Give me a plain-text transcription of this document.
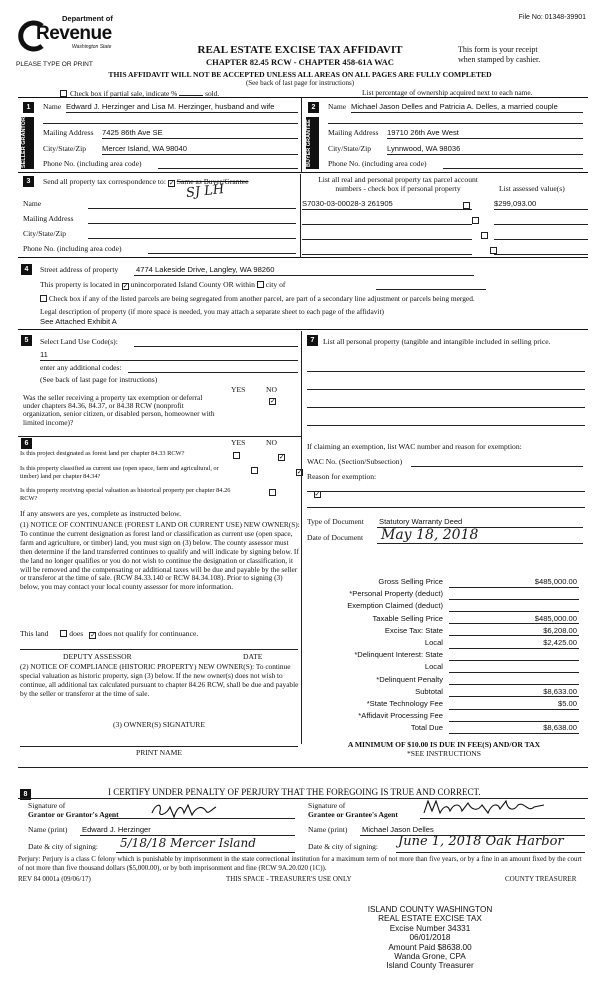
File No: 01348-39901
Department of
Revenue
Washington State
PLEASE TYPE OR PRINT
REAL ESTATE EXCISE TAX AFFIDAVIT
CHAPTER 82.45 RCW - CHAPTER 458-61A WAC
This form is your receipt
when stamped by cashier.
THIS AFFIDAVIT WILL NOT BE ACCEPTED UNLESS ALL AREAS ON ALL PAGES ARE FULLY COMPLETED
(See back of last page for instructions)
Check box if partial sale, indicate %	sold.	List percentage of ownership acquired next to each name.
1
SELLER GRANTOR
Name Edward J. Herzinger and Lisa M. Herzinger, husband and wife
Mailing Address 7425 86th Ave SE
City/State/Zip Mercer Island, WA 98040
Phone No. (including area code)
2
BUYER GRANTEE
Name Michael Jason Delles and Patricia A. Delles, a married couple
Mailing Address 19710 26th Ave West
City/State/Zip Lynnwood, WA 98036
Phone No. (including area code)
3	Send all property tax correspondence to: ✓ Same as Buyer/Grantee
SJ LH
Name
Mailing Address
City/State/Zip
Phone No. (including area code)
List all real and personal property tax parcel account
numbers - check box if personal property	List assessed value(s)
S7030-03-00028-3 261905
	$299,093.00

4	Street address of property 4774 Lakeside Drive, Langley, WA 98260
This property is located in ✓ unincorporated Island County OR within city of
Check box if any of the listed parcels are being segregated from another parcel, are part of a secondary line adjustment or parcels being merged.
Legal description of property (if more space is needed, you may attach a separate sheet to each page of the affidavit)
See Attached Exhibit A
5	Select Land Use Code(s):
11
enter any additional codes:
(See back of last page for instructions)
YES	NO
Was the seller receiving a property tax exemption or deferral under chapters 84.36, 84.37, or 84.38 RCW (nonprofit organization, senior citizen, or disabled person, homeowner with limited income)?
✓
6	YES	NO
Is this project designated as forest land per chapter 84.33 RCW?	✓
Is this property classified as current use (open space, farm and agricultural, or timber) land per chapter 84.34?
✓
Is this property receiving special valuation as historical property per chapter 84.26 RCW?
✓
If any answers are yes, complete as instructed below.
(1) NOTICE OF CONTINUANCE (FOREST LAND OR CURRENT USE) NEW OWNER(S): To continue the current designation as forest land or classification as current use (open space, farm and agriculture, or timber) land, you must sign on (3) below. The county assessor must then determine if the land transferred continues to qualify and will indicate by signing below. If the land no longer qualifies or you do not wish to continue the designation or classification, it will be removed and the compensating or additional taxes will be due and payable by the seller or transferor at the time of sale. (RCW 84.33.140 or RCW 84.34.108). Prior to signing (3) below, you may contact your local county assessor for more information.
This land	does ✓ does not qualify for continuance.
DEPUTY ASSESSOR	DATE
(2) NOTICE OF COMPLIANCE (HISTORIC PROPERTY) NEW OWNER(S): To continue special valuation as historic property, sign (3) below. If the new owner(s) does not wish to continue, all additional tax calculated pursuant to chapter 84.26 RCW, shall be due and payable by the seller or transferor at the time of sale.
(3) OWNER(S) SIGNATURE
PRINT NAME
7	List all personal property (tangible and intangible included in selling price.
If claiming an exemption, list WAC number and reason for exemption:
WAC No. (Section/Subsection)
Reason for exemption:
Type of Document Statutory Warranty Deed
Date of Document May 18, 2018
Gross Selling Price	$485,000.00
*Personal Property (deduct)
Exemption Claimed (deduct)
Taxable Selling Price	$485,000.00
Excise Tax: State	$6,208.00
Local	$2,425.00
*Delinquent Interest: State
Local
*Delinquent Penalty
Subtotal	$8,633.00
*State Technology Fee	$5.00
*Affidavit Processing Fee
Total Due	$8,638.00
A MINIMUM OF $10.00 IS DUE IN FEE(S) AND/OR TAX
*SEE INSTRUCTIONS
8	I CERTIFY UNDER PENALTY OF PERJURY THAT THE FOREGOING IS TRUE AND CORRECT.
Signature of
Grantor or Grantor's Agent
Name (print) Edward J. Herzinger
Date & city of signing: 5/18/18 Mercer Island
Signature of
Grantee or Grantee's Agent
Name (print) Michael Jason Delles
Date & city of signing: June 1, 2018 Oak Harbor
Perjury: Perjury is a class C felony which is punishable by imprisonment in the state correctional institution for a maximum term of not more than five years, or by a fine in an amount fixed by the court of not more than five thousand dollars ($5,000.00), or by both imprisonment and fine (RCW 9A.20.020 (1C)).
REV 84 0001a (09/06/17)	THIS SPACE - TREASURER'S USE ONLY	COUNTY TREASURER
ISLAND COUNTY WASHINGTON
REAL ESTATE EXCISE TAX
Excise Number 34331
06/01/2018
Amount Paid $8638.00
Wanda Grone, CPA
Island County Treasurer
